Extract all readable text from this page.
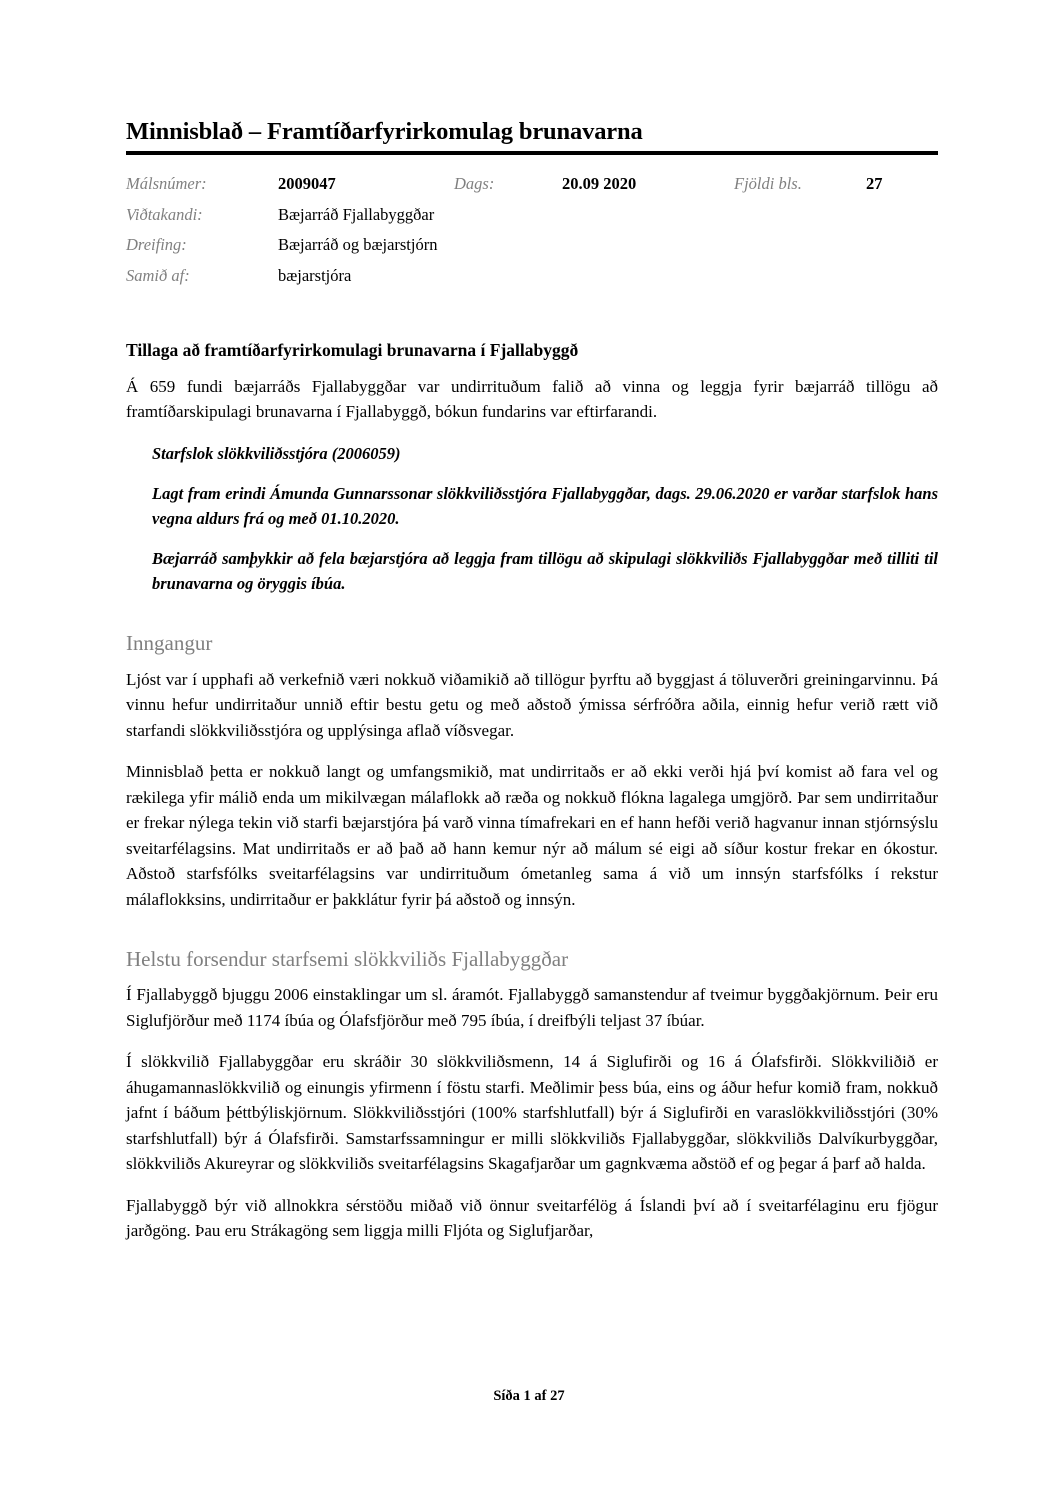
Minnisblað – Framtíðarfyrirkomulag brunavarna
Málsnúmer:	2009047	Dags:	20.09 2020	Fjöldi bls.	27
Viðtakandi:	Bæjarráð Fjallabyggðar				
Dreifing:	Bæjarráð og bæjarstjórn				
Samið af:	bæjarstjóra				
Tillaga að framtíðarfyrirkomulagi brunavarna í Fjallabyggð

Á 659 fundi bæjarráðs Fjallabyggðar var undirrituðum falið að vinna og leggja fyrir bæjarráð tillögu að framtíðarskipulagi brunavarna í Fjallabyggð, bókun fundarins var eftirfarandi.

Starfslok slökkviliðsstjóra (2006059)

Lagt fram erindi Ámunda Gunnarssonar slökkviliðsstjóra Fjallabyggðar, dags. 29.06.2020 er varðar starfslok hans vegna aldurs frá og með 01.10.2020.

Bæjarráð samþykkir að fela bæjarstjóra að leggja fram tillögu að skipulagi slökkviliðs Fjallabyggðar með tilliti til brunavarna og öryggis íbúa.

Inngangur

Ljóst var í upphafi að verkefnið væri nokkuð viðamikið að tillögur þyrftu að byggjast á töluverðri greiningarvinnu. Þá vinnu hefur undirritaður unnið eftir bestu getu og með aðstoð ýmissa sérfróðra aðila, einnig hefur verið rætt við starfandi slökkviliðsstjóra og upplýsinga aflað víðsvegar.

Minnisblað þetta er nokkuð langt og umfangsmikið, mat undirritaðs er að ekki verði hjá því komist að fara vel og rækilega yfir málið enda um mikilvægan málaflokk að ræða og nokkuð flókna lagalega umgjörð. Þar sem undirritaður er frekar nýlega tekin við starfi bæjarstjóra þá varð vinna tímafrekari en ef hann hefði verið hagvanur innan stjórnsýslu sveitarfélagsins. Mat undirritaðs er að það að hann kemur nýr að málum sé eigi að síður kostur frekar en ókostur. Aðstoð starfsfólks sveitarfélagsins var undirrituðum ómetanleg sama á við um innsýn starfsfólks í rekstur málaflokksins, undirritaður er þakklátur fyrir þá aðstoð og innsýn.

Helstu forsendur starfsemi slökkviliðs Fjallabyggðar

Í Fjallabyggð bjuggu 2006 einstaklingar um sl. áramót. Fjallabyggð samanstendur af tveimur byggðakjörnum. Þeir eru Siglufjörður með 1174 íbúa og Ólafsfjörður með 795 íbúa, í dreifbýli teljast 37 íbúar.

Í slökkvilið Fjallabyggðar eru skráðir 30 slökkviliðsmenn, 14 á Siglufirði og 16 á Ólafsfirði. Slökkviliðið er áhugamannaslökkvilið og einungis yfirmenn í föstu starfi. Meðlimir þess búa, eins og áður hefur komið fram, nokkuð jafnt í báðum þéttbýliskjörnum. Slökkviliðsstjóri (100% starfshlutfall) býr á Siglufirði en varaslökkviliðsstjóri (30% starfshlutfall) býr á Ólafsfirði. Samstarfssamningur er milli slökkviliðs Fjallabyggðar, slökkviliðs Dalvíkurbyggðar, slökkviliðs Akureyrar og slökkviliðs sveitarfélagsins Skagafjarðar um gagnkvæma aðstöð ef og þegar á þarf að halda.

Fjallabyggð býr við allnokkra sérstöðu miðað við önnur sveitarfélög á Íslandi því að í sveitarfélaginu eru fjögur jarðgöng. Þau eru Strákagöng sem liggja milli Fljóta og Siglufjarðar,

Síða 1 af 27
